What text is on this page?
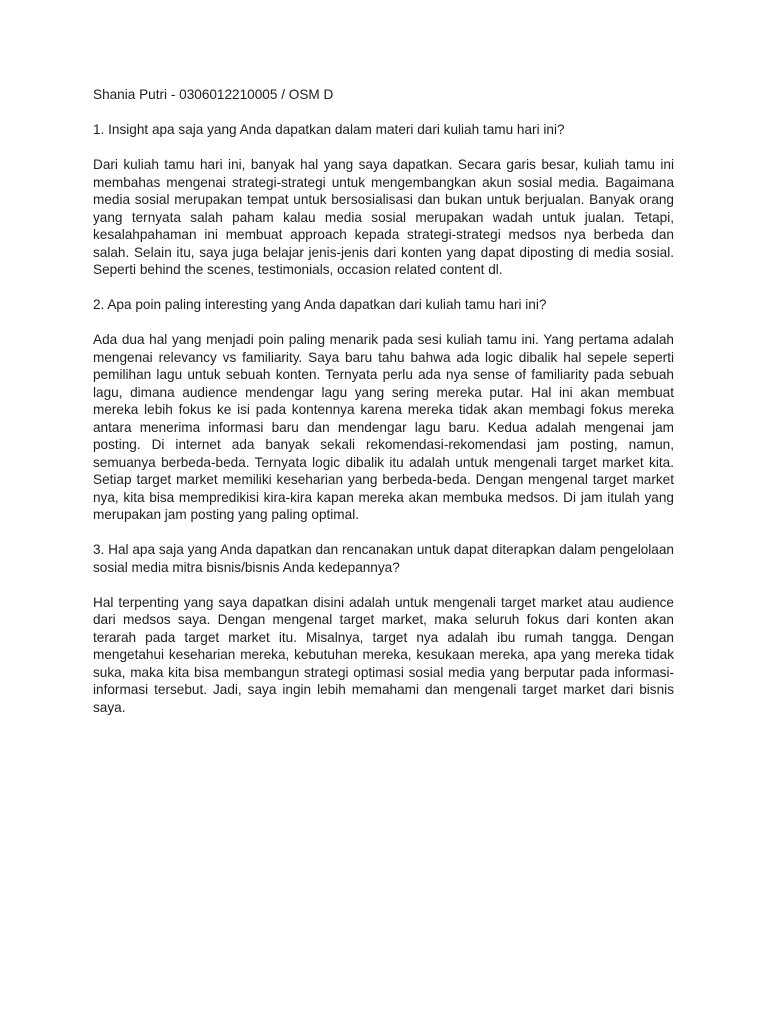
Shania Putri - 0306012210005 / OSM D

1. Insight apa saja yang Anda dapatkan dalam materi dari kuliah tamu hari ini?

Dari kuliah tamu hari ini, banyak hal yang saya dapatkan. Secara garis besar, kuliah tamu ini membahas mengenai strategi-strategi untuk mengembangkan akun sosial media. Bagaimana media sosial merupakan tempat untuk bersosialisasi dan bukan untuk berjualan. Banyak orang yang ternyata salah paham kalau media sosial merupakan wadah untuk jualan. Tetapi, kesalahpahaman ini membuat approach kepada strategi-strategi medsos nya berbeda dan salah. Selain itu, saya juga belajar jenis-jenis dari konten yang dapat diposting di media sosial. Seperti behind the scenes, testimonials, occasion related content dl.

2. Apa poin paling interesting yang Anda dapatkan dari kuliah tamu hari ini?

Ada dua hal yang menjadi poin paling menarik pada sesi kuliah tamu ini. Yang pertama adalah mengenai relevancy vs familiarity. Saya baru tahu bahwa ada logic dibalik hal sepele seperti pemilihan lagu untuk sebuah konten. Ternyata perlu ada nya sense of familiarity pada sebuah lagu, dimana audience mendengar lagu yang sering mereka putar. Hal ini akan membuat mereka lebih fokus ke isi pada kontennya karena mereka tidak akan membagi fokus mereka antara menerima informasi baru dan mendengar lagu baru. Kedua adalah mengenai jam posting. Di internet ada banyak sekali rekomendasi-rekomendasi jam posting, namun, semuanya berbeda-beda. Ternyata logic dibalik itu adalah untuk mengenali target market kita. Setiap target market memiliki keseharian yang berbeda-beda. Dengan mengenal target market nya, kita bisa mempredikisi kira-kira kapan mereka akan membuka medsos. Di jam itulah yang merupakan jam posting yang paling optimal.

3. Hal apa saja yang Anda dapatkan dan rencanakan untuk dapat diterapkan dalam pengelolaan sosial media mitra bisnis/bisnis Anda kedepannya?

Hal terpenting yang saya dapatkan disini adalah untuk mengenali target market atau audience dari medsos saya. Dengan mengenal target market, maka seluruh fokus dari konten akan terarah pada target market itu. Misalnya, target nya adalah ibu rumah tangga. Dengan mengetahui keseharian mereka, kebutuhan mereka, kesukaan mereka, apa yang mereka tidak suka, maka kita bisa membangun strategi optimasi sosial media yang berputar pada informasi-informasi tersebut. Jadi, saya ingin lebih memahami dan mengenali target market dari bisnis saya.
